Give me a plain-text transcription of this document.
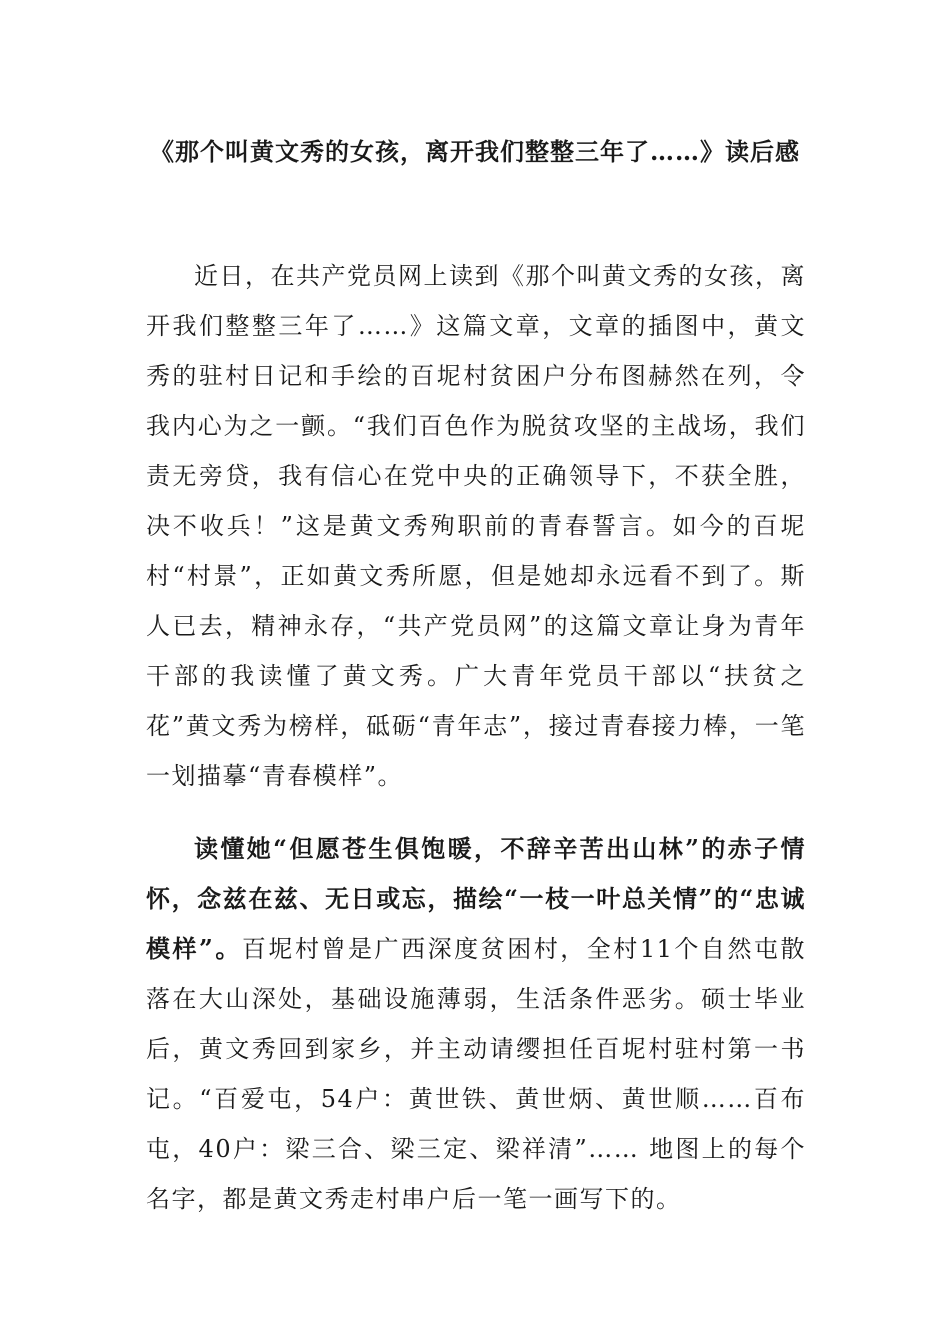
《那个叫黄文秀的女孩，离开我们整整三年了……》读后感

近日，在共产党员网上读到《那个叫黄文秀的女孩，离开我们整整三年了……》这篇文章，文章的插图中，黄文秀的驻村日记和手绘的百坭村贫困户分布图赫然在列，令我内心为之一颤。“我们百色作为脱贫攻坚的主战场，我们责无旁贷，我有信心在党中央的正确领导下，不获全胜，决不收兵！”这是黄文秀殉职前的青春誓言。如今的百坭村“村景”，正如黄文秀所愿，但是她却永远看不到了。斯人已去，精神永存，“共产党员网”的这篇文章让身为青年干部的我读懂了黄文秀。广大青年党员干部以“扶贫之花”黄文秀为榜样，砥砺“青年志”，接过青春接力棒，一笔一划描摹“青春模样”。

读懂她“但愿苍生俱饱暖，不辞辛苦出山林”的赤子情怀，念兹在兹、无日或忘，描绘“一枝一叶总关情”的“忠诚模样”。百坭村曾是广西深度贫困村，全村11个自然屯散落在大山深处，基础设施薄弱，生活条件恶劣。硕士毕业后，黄文秀回到家乡，并主动请缨担任百坭村驻村第一书记。“百爱屯，54户：黄世铁、黄世炳、黄世顺……百布屯，40户：梁三合、梁三定、梁祥清”…… 地图上的每个名字，都是黄文秀走村串户后一笔一画写下的。
